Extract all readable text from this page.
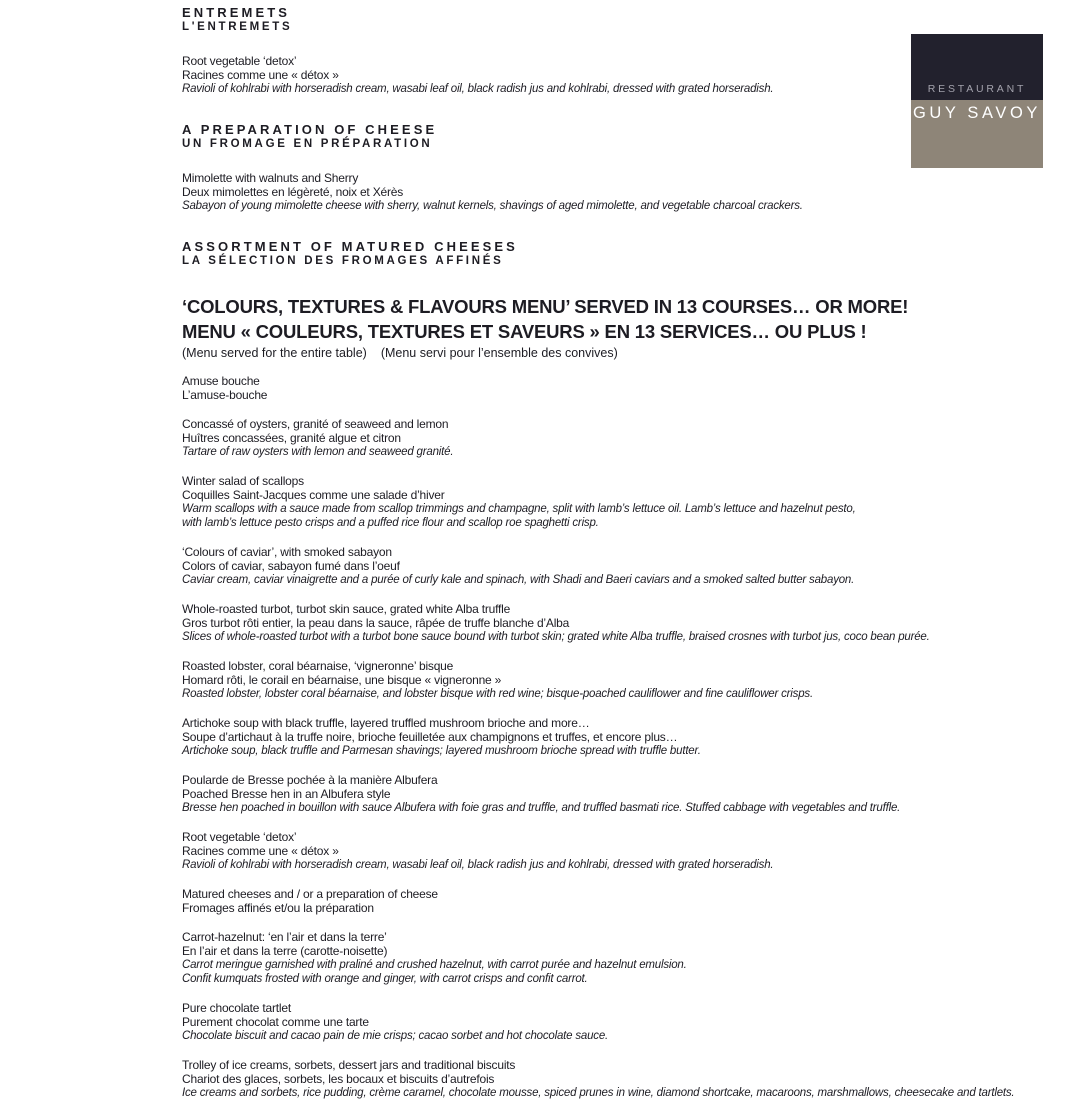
ENTREMETS
L'ENTREMETS
Root vegetable ‘detox’
Racines comme une « détox »
Ravioli of kohlrabi with horseradish cream, wasabi leaf oil, black radish jus and kohlrabi, dressed with grated horseradish.
A PREPARATION OF CHEESE
UN FROMAGE EN PRÉPARATION
Mimolette with walnuts and Sherry
Deux mimolettes en légèreté, noix et Xérès
Sabayon of young mimolette cheese with sherry, walnut kernels, shavings of aged mimolette, and vegetable charcoal crackers.
ASSORTMENT OF MATURED CHEESES
LA SÉLECTION DES FROMAGES AFFINÉS
‘COLOURS, TEXTURES & FLAVOURS MENU’ SERVED IN 13 COURSES… OR MORE!
MENU « COULEURS, TEXTURES ET SAVEURS » EN 13 SERVICES… OU PLUS !
(Menu served for the entire table) (Menu servi pour l’ensemble des convives)
Amuse bouche
L’amuse-bouche
Concassé of oysters, granité of seaweed and lemon
Huîtres concassées, granité algue et citron
Tartare of raw oysters with lemon and seaweed granité.
Winter salad of scallops
Coquilles Saint-Jacques comme une salade d’hiver
Warm scallops with a sauce made from scallop trimmings and champagne, split with lamb’s lettuce oil. Lamb’s lettuce and hazelnut pesto,
with lamb’s lettuce pesto crisps and a puffed rice flour and scallop roe spaghetti crisp.
‘Colours of caviar’, with smoked sabayon
Colors of caviar, sabayon fumé dans l’oeuf
Caviar cream, caviar vinaigrette and a purée of curly kale and spinach, with Shadi and Baeri caviars and a smoked salted butter sabayon.
Whole-roasted turbot, turbot skin sauce, grated white Alba truffle
Gros turbot rôti entier, la peau dans la sauce, râpée de truffe blanche d’Alba
Slices of whole-roasted turbot with a turbot bone sauce bound with turbot skin; grated white Alba truffle, braised crosnes with turbot jus, coco bean purée.
Roasted lobster, coral béarnaise, ‘vigneronne’ bisque
Homard rôti, le corail en béarnaise, une bisque « vigneronne »
Roasted lobster, lobster coral béarnaise, and lobster bisque with red wine; bisque-poached cauliflower and fine cauliflower crisps.
Artichoke soup with black truffle, layered truffled mushroom brioche and more…
Soupe d’artichaut à la truffe noire, brioche feuilletée aux champignons et truffes, et encore plus…
Artichoke soup, black truffle and Parmesan shavings; layered mushroom brioche spread with truffle butter.
Poularde de Bresse pochée à la manière Albufera
Poached Bresse hen in an Albufera style
Bresse hen poached in bouillon with sauce Albufera with foie gras and truffle, and truffled basmati rice. Stuffed cabbage with vegetables and truffle.
Root vegetable ‘detox’
Racines comme une « détox »
Ravioli of kohlrabi with horseradish cream, wasabi leaf oil, black radish jus and kohlrabi, dressed with grated horseradish.
Matured cheeses and / or a preparation of cheese
Fromages affinés et/ou la préparation
Carrot-hazelnut: ‘en l’air et dans la terre’
En l’air et dans la terre (carotte-noisette)
Carrot meringue garnished with praliné and crushed hazelnut, with carrot purée and hazelnut emulsion.
Confit kumquats frosted with orange and ginger, with carrot crisps and confit carrot.
Pure chocolate tartlet
Purement chocolat comme une tarte
Chocolate biscuit and cacao pain de mie crisps; cacao sorbet and hot chocolate sauce.
Trolley of ice creams, sorbets, dessert jars and traditional biscuits
Chariot des glaces, sorbets, les bocaux et biscuits d’autrefois
Ice creams and sorbets, rice pudding, crème caramel, chocolate mousse, spiced prunes in wine, diamond shortcake, macaroons, marshmallows, cheesecake and tartlets.
RESTAURANT
GUY SAVOY
